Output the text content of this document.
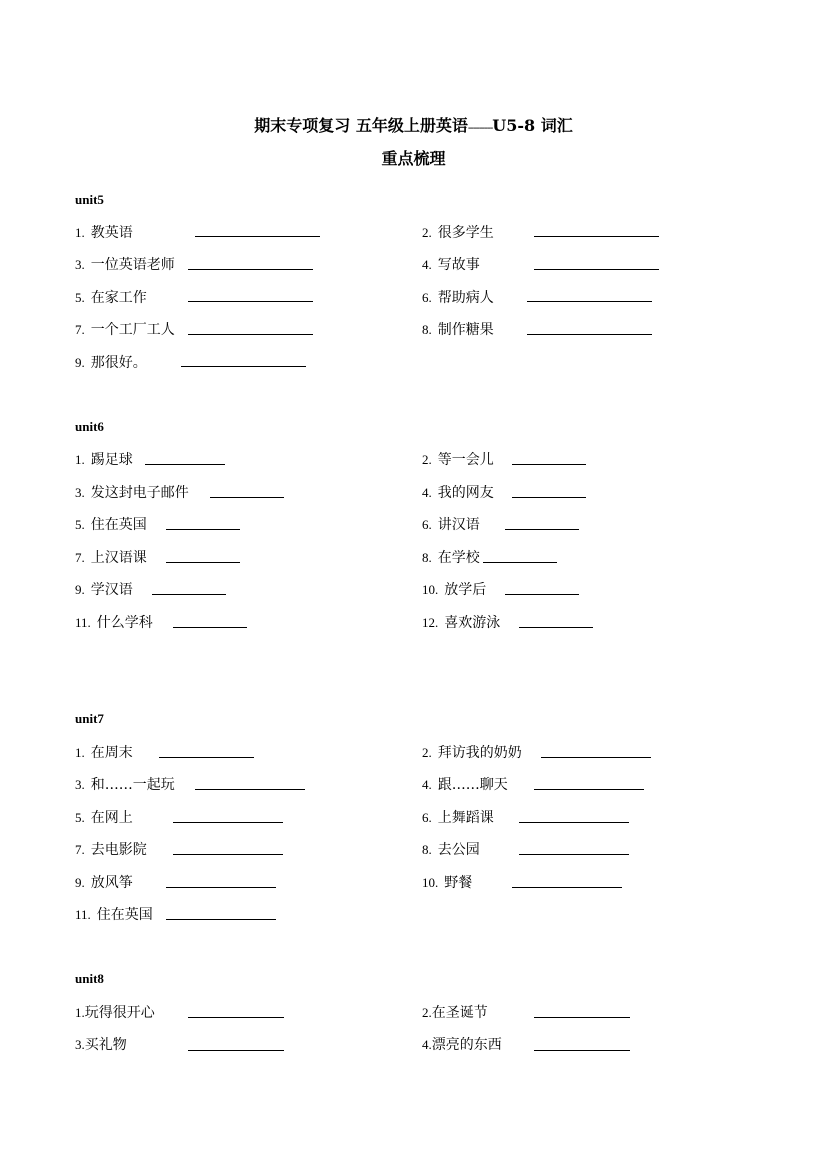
期末专项复习 五年级上册英语---------U5-8 词汇
重点梳理
unit5
1. 教英语	2. 很多学生
3. 一位英语老师	4. 写故事
5. 在家工作	6. 帮助病人
7. 一个工厂工人	8. 制作糖果
9. 那很好。
unit6
1. 踢足球	2. 等一会儿
3. 发这封电子邮件	4. 我的网友
5. 住在英国	6. 讲汉语
7. 上汉语课	8. 在学校
9. 学汉语	10. 放学后
11. 什么学科	12. 喜欢游泳
unit7
1. 在周末	2. 拜访我的奶奶
3. 和……一起玩	4. 跟……聊天
5. 在网上	6. 上舞蹈课
7. 去电影院	8. 去公园
9. 放风筝	10. 野餐
11. 住在英国
unit8
1.玩得很开心	2.在圣诞节
3.买礼物	4.漂亮的东西
